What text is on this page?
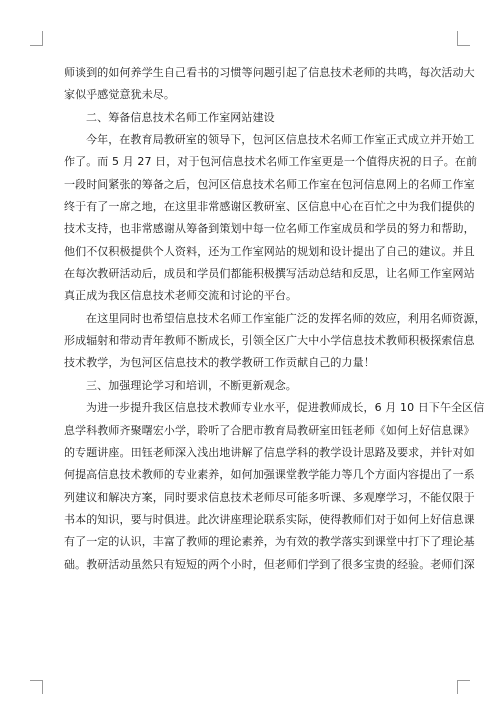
师谈到的如何养学生自己看书的习惯等问题引起了信息技术老师的共鸣，每次活动大
家似乎感觉意犹未尽。
二、筹备信息技术名师工作室网站建设
今年，在教育局教研室的领导下，包河区信息技术名师工作室正式成立并开始工
作了。而 5 月 27 日，对于包河信息技术名师工作室更是一个值得庆祝的日子。在前
一段时间紧张的筹备之后，包河区信息技术名师工作室在包河信息网上的名师工作室
终于有了一席之地，在这里非常感谢区教研室、区信息中心在百忙之中为我们提供的
技术支持，也非常感谢从筹备到策划中每一位名师工作室成员和学员的努力和帮助，
他们不仅积极提供个人资料，还为工作室网站的规划和设计提出了自己的建议。并且
在每次教研活动后，成员和学员们都能积极撰写活动总结和反思，让名师工作室网站
真正成为我区信息技术老师交流和讨论的平台。
在这里同时也希望信息技术名师工作室能广泛的发挥名师的效应，利用名师资源，
形成辐射和带动青年教师不断成长，引领全区广大中小学信息技术教师积极探索信息
技术教学，为包河区信息技术的教学教研工作贡献自己的力量！
三、加强理论学习和培训，不断更新观念。
为进一步提升我区信息技术教师专业水平，促进教师成长，6 月 10 日下午全区信
息学科教师齐聚曙宏小学，聆听了合肥市教育局教研室田钰老师《如何上好信息课》
的专题讲座。田钰老师深入浅出地讲解了信息学科的教学设计思路及要求，并针对如
何提高信息技术教师的专业素养，如何加强课堂教学能力等几个方面内容提出了一系
列建议和解决方案，同时要求信息技术老师尽可能多听课、多观摩学习，不能仅限于
书本的知识，要与时俱进。此次讲座理论联系实际，使得教师们对于如何上好信息课
有了一定的认识，丰富了教师的理论素养，为有效的教学落实到课堂中打下了理论基
础。教研活动虽然只有短短的两个小时，但老师们学到了很多宝贵的经验。老师们深
